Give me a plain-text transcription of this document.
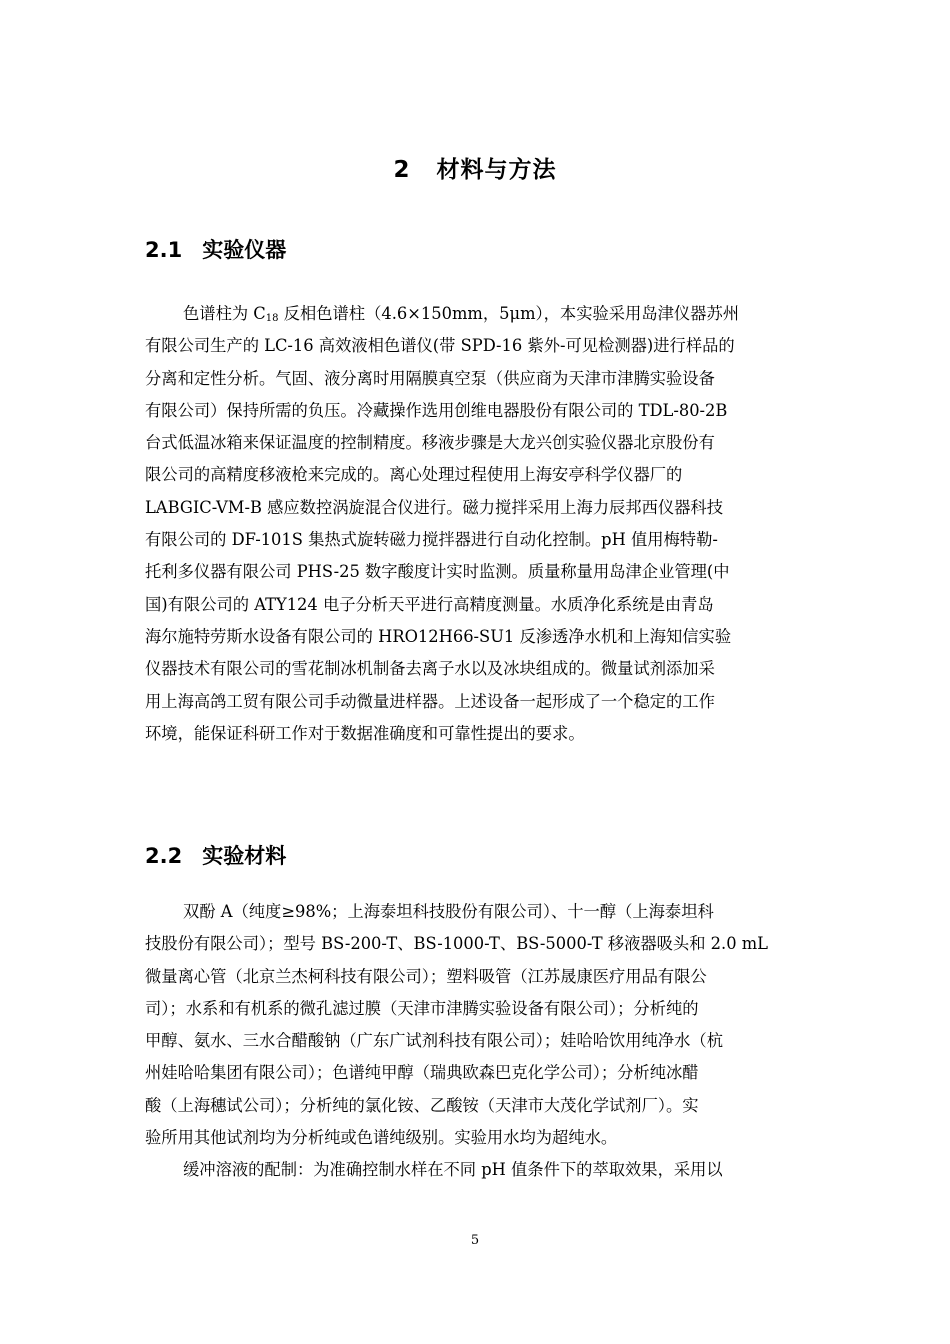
2 材料与方法
2.1 实验仪器
色谱柱为 $C_{18}$ 反相色谱柱（4.6×150mm，5μm），本实验采用岛津仪器苏州
有限公司生产的 LC-16 高效液相色谱仪(带 SPD-16 紫外-可见检测器)进行样品的
分离和定性分析。气固、液分离时用隔膜真空泵（供应商为天津市津腾实验设备
有限公司）保持所需的负压。冷藏操作选用创维电器股份有限公司的 TDL-80-2B
台式低温冰箱来保证温度的控制精度。移液步骤是大龙兴创实验仪器北京股份有
限公司的高精度移液枪来完成的。离心处理过程使用上海安亭科学仪器厂的
LABGIC-VM-B 感应数控涡旋混合仪进行。磁力搅拌采用上海力辰邦西仪器科技
有限公司的 DF-101S 集热式旋转磁力搅拌器进行自动化控制。pH 值用梅特勒-
托利多仪器有限公司 PHS-25 数字酸度计实时监测。质量称量用岛津企业管理(中
国)有限公司的 ATY124 电子分析天平进行高精度测量。水质净化系统是由青岛
海尔施特劳斯水设备有限公司的 HRO12H66-SU1 反渗透净水机和上海知信实验
仪器技术有限公司的雪花制冰机制备去离子水以及冰块组成的。微量试剂添加采
用上海高鸽工贸有限公司手动微量进样器。上述设备一起形成了一个稳定的工作
环境，能保证科研工作对于数据准确度和可靠性提出的要求。
2.2 实验材料
双酚 A（纯度≥98%；上海泰坦科技股份有限公司）、十一醇（上海泰坦科
技股份有限公司）；型号 BS-200-T、BS-1000-T、BS-5000-T 移液器吸头和 2.0 mL
微量离心管（北京兰杰柯科技有限公司）；塑料吸管（江苏晟康医疗用品有限公
司）；水系和有机系的微孔滤过膜（天津市津腾实验设备有限公司）；分析纯的
甲醇、氨水、三水合醋酸钠（广东广试剂科技有限公司）；娃哈哈饮用纯净水（杭
州娃哈哈集团有限公司）；色谱纯甲醇（瑞典欧森巴克化学公司）；分析纯冰醋
酸（上海穗试公司）；分析纯的氯化铵、乙酸铵（天津市大茂化学试剂厂）。实
验所用其他试剂均为分析纯或色谱纯级别。实验用水均为超纯水。
缓冲溶液的配制：为准确控制水样在不同 pH 值条件下的萃取效果，采用以
5
